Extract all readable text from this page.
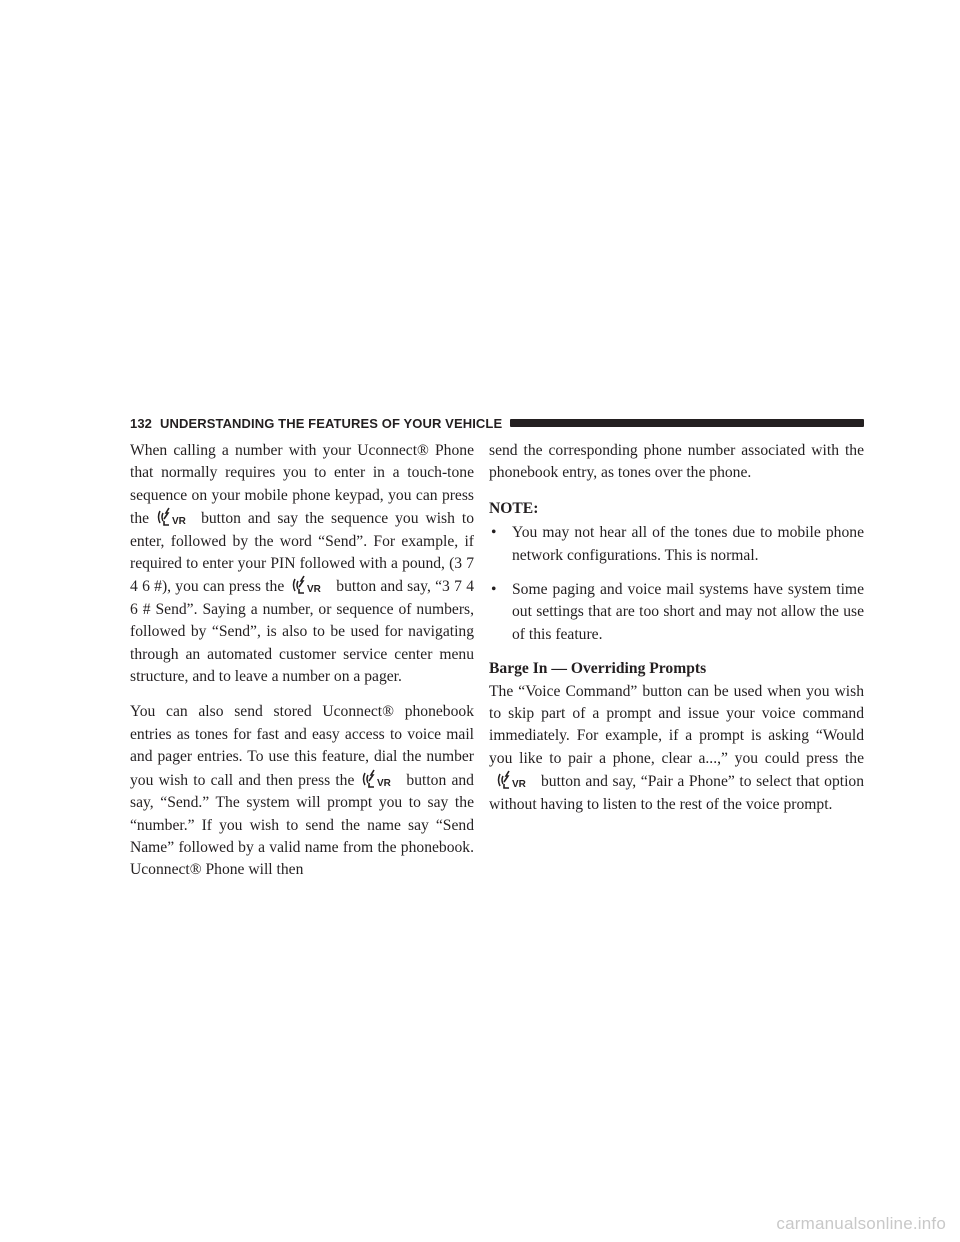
132 UNDERSTANDING THE FEATURES OF YOUR VEHICLE

When calling a number with your Uconnect® Phone that normally requires you to enter in a touch-tone sequence on your mobile phone keypad, you can press the VR button and say the sequence you wish to enter, followed by the word “Send”. For example, if required to enter your PIN followed with a pound, (3 7 4 6 #), you can press the VR button and say, “3 7 4 6 # Send”. Saying a number, or sequence of numbers, followed by “Send”, is also to be used for navigating through an automated customer service center menu structure, and to leave a number on a pager.

You can also send stored Uconnect® phonebook entries as tones for fast and easy access to voice mail and pager entries. To use this feature, dial the number you wish to call and then press the VR button and say, “Send.” The system will prompt you to say the “number.” If you wish to send the name say “Send Name” followed by a valid name from the phonebook. Uconnect® Phone will then

send the corresponding phone number associated with the phonebook entry, as tones over the phone.

NOTE:
• You may not hear all of the tones due to mobile phone network configurations. This is normal.
• Some paging and voice mail systems have system time out settings that are too short and may not allow the use of this feature.
Barge In — Overriding Prompts

The “Voice Command” button can be used when you wish to skip part of a prompt and issue your voice command immediately. For example, if a prompt is asking “Would you like to pair a phone, clear a...,” you could press the
VR button and say, “Pair a Phone” to select that option without having to listen to the rest of the voice prompt.

carmanualsonline.info
